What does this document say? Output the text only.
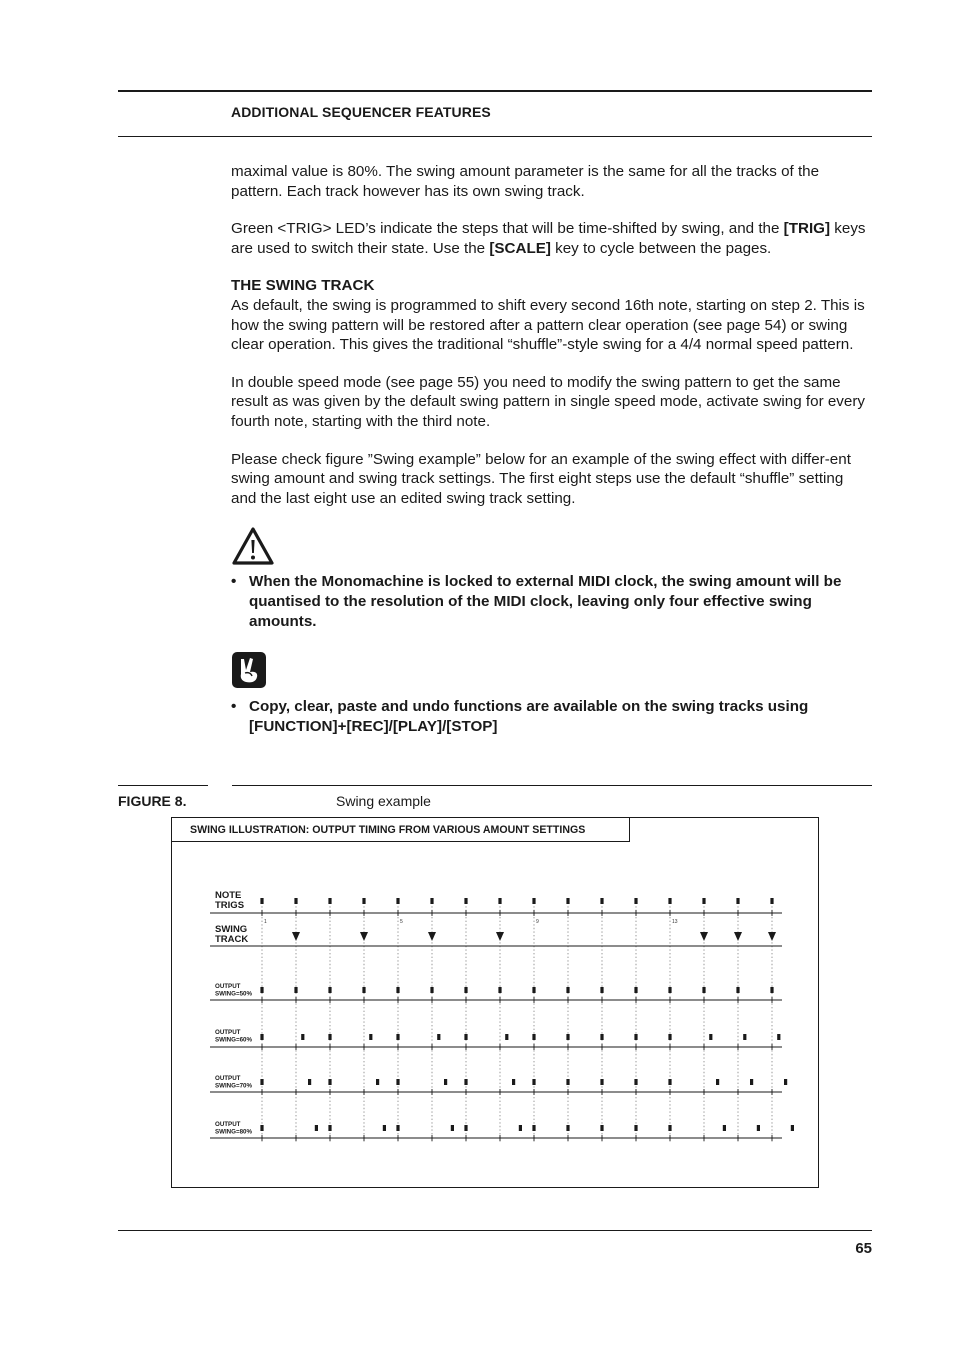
ADDITIONAL SEQUENCER FEATURES

maximal value is 80%. The swing amount parameter is the same for all the tracks of the pattern. Each track however has its own swing track.

Green <TRIG> LED’s indicate the steps that will be time-shifted by swing, and the [TRIG] keys are used to switch their state. Use the [SCALE] key to cycle between the pages.

THE SWING TRACK

As default, the swing is programmed to shift every second 16th note, starting on step 2. This is how the swing pattern will be restored after a pattern clear operation (see page 54) or swing clear operation. This gives the traditional “shuffle”-style swing for a 4/4 normal speed pattern.

In double speed mode (see page 55) you need to modify the swing pattern to get the same result as was given by the default swing pattern in single speed mode, activate swing for every fourth note, starting with the third note.

Please check figure ”Swing example” below for an example of the swing effect with differ-ent swing amount and swing track settings. The first eight steps use the default “shuffle” setting and the last eight use an edited swing track setting.

• When the Monomachine is locked to external MIDI clock, the swing amount will be quantised to the resolution of the MIDI clock, leaving only four effective swing amounts.
• Copy, clear, paste and undo functions are available on the swing tracks using [FUNCTION]+[REC]/[PLAY]/[STOP]
FIGURE 8.	Swing example
NOTE
TRIGS
SWING
TRACK
OUTPUT
SWING=50%
OUTPUT
SWING=60%
OUTPUT
SWING=70%
OUTPUT
SWING=80%
1	5	9	13
SWING ILLUSTRATION: OUTPUT TIMING FROM VARIOUS AMOUNT SETTINGS
65
